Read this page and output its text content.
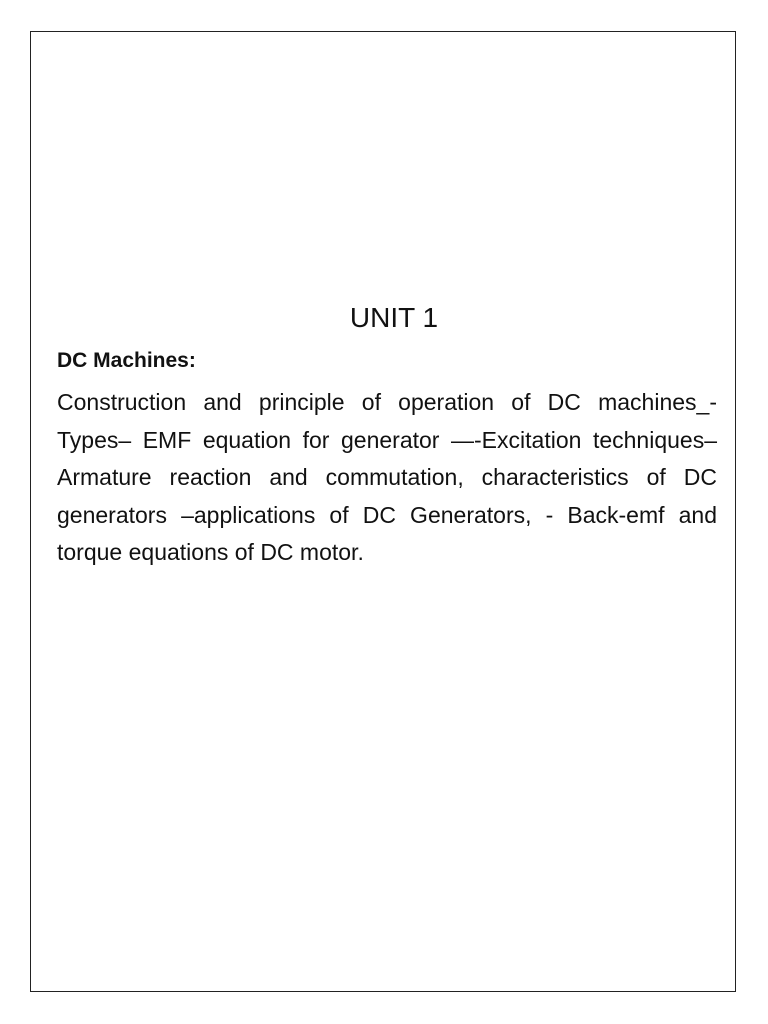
UNIT 1
DC Machines:

Construction and principle of operation of DC machines_- Types– EMF equation for generator —-Excitation techniques– Armature reaction and commutation, characteristics of DC generators –applications of DC Generators, - Back-emf and torque equations of DC motor.
